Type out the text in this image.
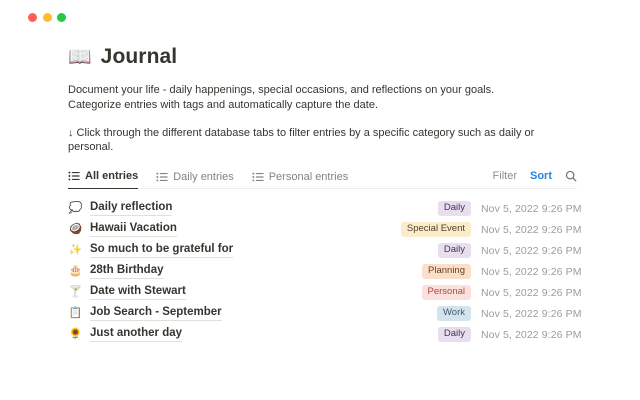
📖 Journal
Document your life - daily happenings, special occasions, and reflections on your goals.
Categorize entries with tags and automatically capture the date.
↓ Click through the different database tabs to filter entries by a specific category such as daily or personal.
All entries	Daily entries	Personal entries	Filter Sort
💭 Daily reflection	Daily	Nov 5, 2022 9:26 PM
🥥 Hawaii Vacation	Special Event	Nov 5, 2022 9:26 PM
✨ So much to be grateful for	Daily	Nov 5, 2022 9:26 PM
🎂 28th Birthday	Planning	Nov 5, 2022 9:26 PM
🍸 Date with Stewart	Personal	Nov 5, 2022 9:26 PM
📋 Job Search - September	Work	Nov 5, 2022 9:26 PM
🌻 Just another day	Daily	Nov 5, 2022 9:26 PM
